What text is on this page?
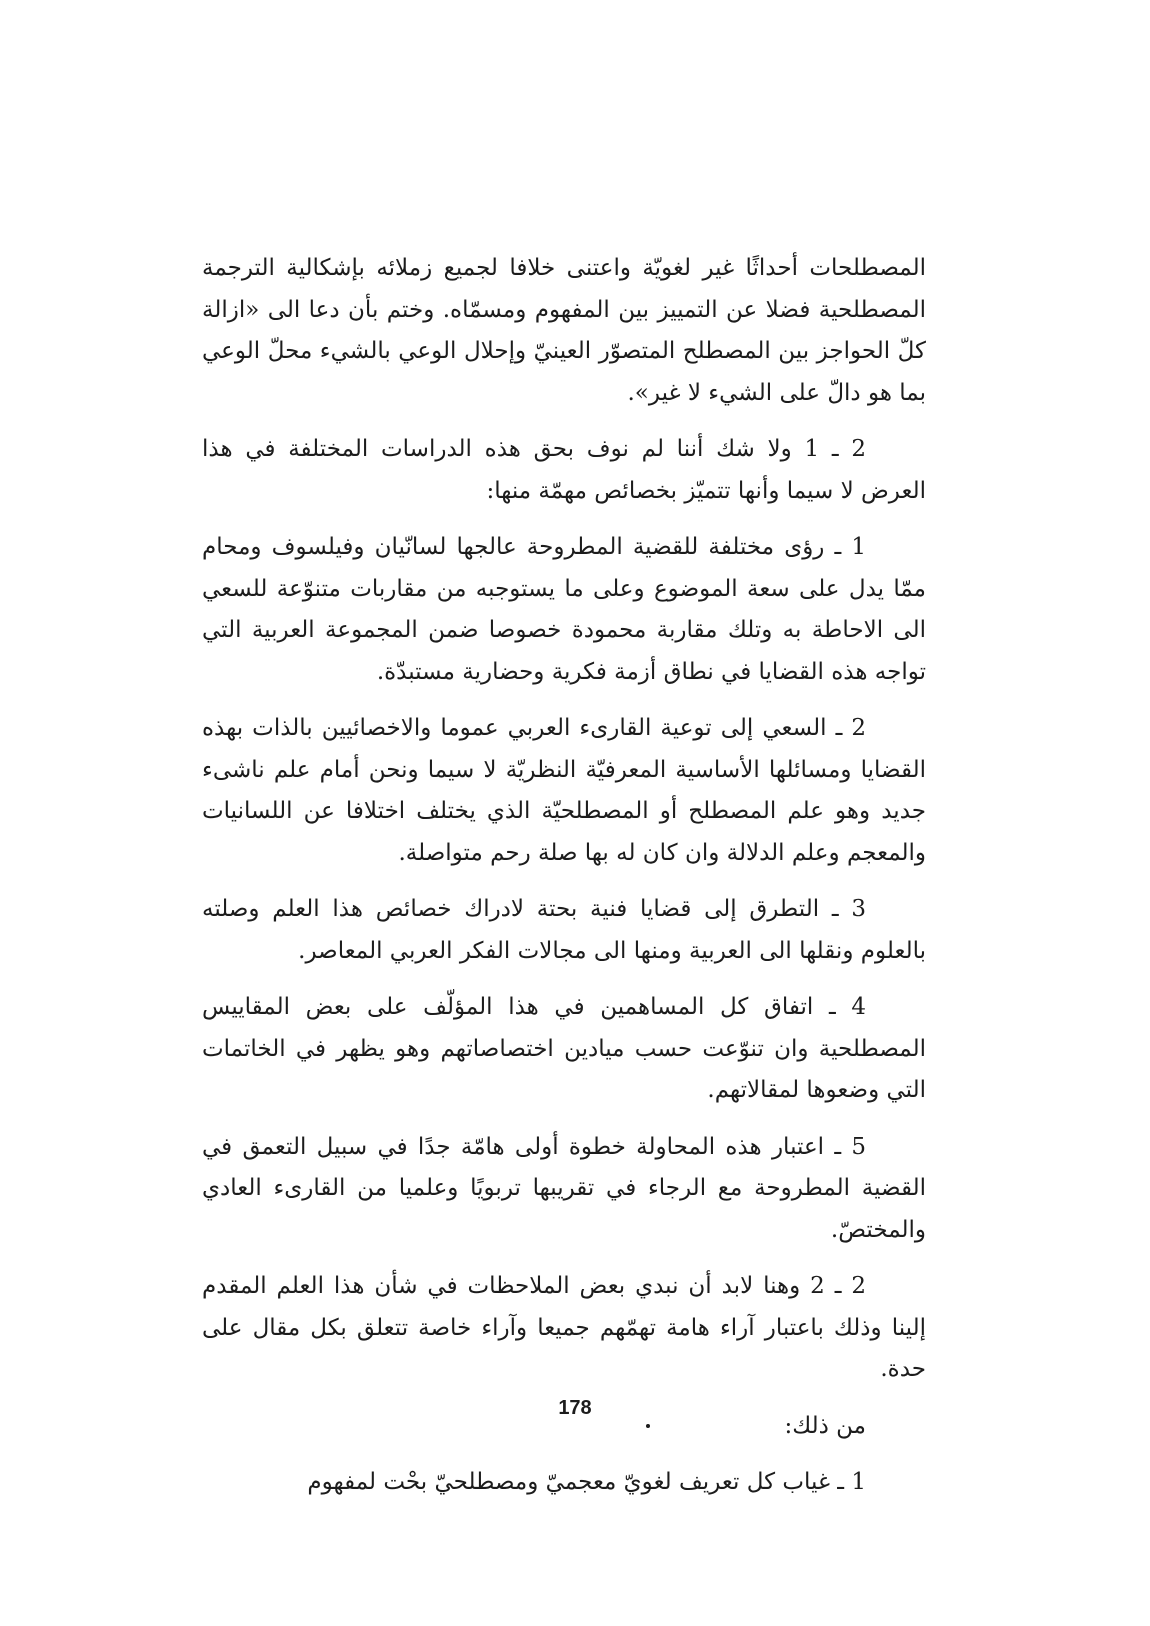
المصطلحات أحداثًا غير لغويّة واعتنى خلافا لجميع زملائه بإشكالية الترجمة المصطلحية فضلا عن التمييز بين المفهوم ومسمّاه. وختم بأن دعا الى «ازالة كلّ الحواجز بين المصطلح المتصوّر العينيّ وإحلال الوعي بالشيء محلّ الوعي بما هو دالّ على الشيء لا غير».

2 ـ 1 ولا شك أننا لم نوف بحق هذه الدراسات المختلفة في هذا العرض لا سيما وأنها تتميّز بخصائص مهمّة منها:

1 ـ رؤى مختلفة للقضية المطروحة عالجها لسانّيان وفيلسوف ومحام ممّا يدل على سعة الموضوع وعلى ما يستوجبه من مقاربات متنوّعة للسعي الى الاحاطة به وتلك مقاربة محمودة خصوصا ضمن المجموعة العربية التي تواجه هذه القضايا في نطاق أزمة فكرية وحضارية مستبدّة.

2 ـ السعي إلى توعية القارىء العربي عموما والاخصائيين بالذات بهذه القضايا ومسائلها الأساسية المعرفيّة النظريّة لا سيما ونحن أمام علم ناشىء جديد وهو علم المصطلح أو المصطلحيّة الذي يختلف اختلافا عن اللسانيات والمعجم وعلم الدلالة وان كان له بها صلة رحم متواصلة.

3 ـ التطرق إلى قضايا فنية بحتة لادراك خصائص هذا العلم وصلته بالعلوم ونقلها الى العربية ومنها الى مجالات الفكر العربي المعاصر.

4 ـ اتفاق كل المساهمين في هذا المؤلّف على بعض المقاييس المصطلحية وان تنوّعت حسب ميادين اختصاصاتهم وهو يظهر في الخاتمات التي وضعوها لمقالاتهم.

5 ـ اعتبار هذه المحاولة خطوة أولى هامّة جدًا في سبيل التعمق في القضية المطروحة مع الرجاء في تقريبها تربويًا وعلميا من القارىء العادي والمختصّ.

2 ـ 2 وهنا لابد أن نبدي بعض الملاحظات في شأن هذا العلم المقدم إلينا وذلك باعتبار آراء هامة تهمّهم جميعا وآراء خاصة تتعلق بكل مقال على حدة.

من ذلك:

1 ـ غياب كل تعريف لغويّ معجميّ ومصطلحيّ بحْت لمفهوم

178
